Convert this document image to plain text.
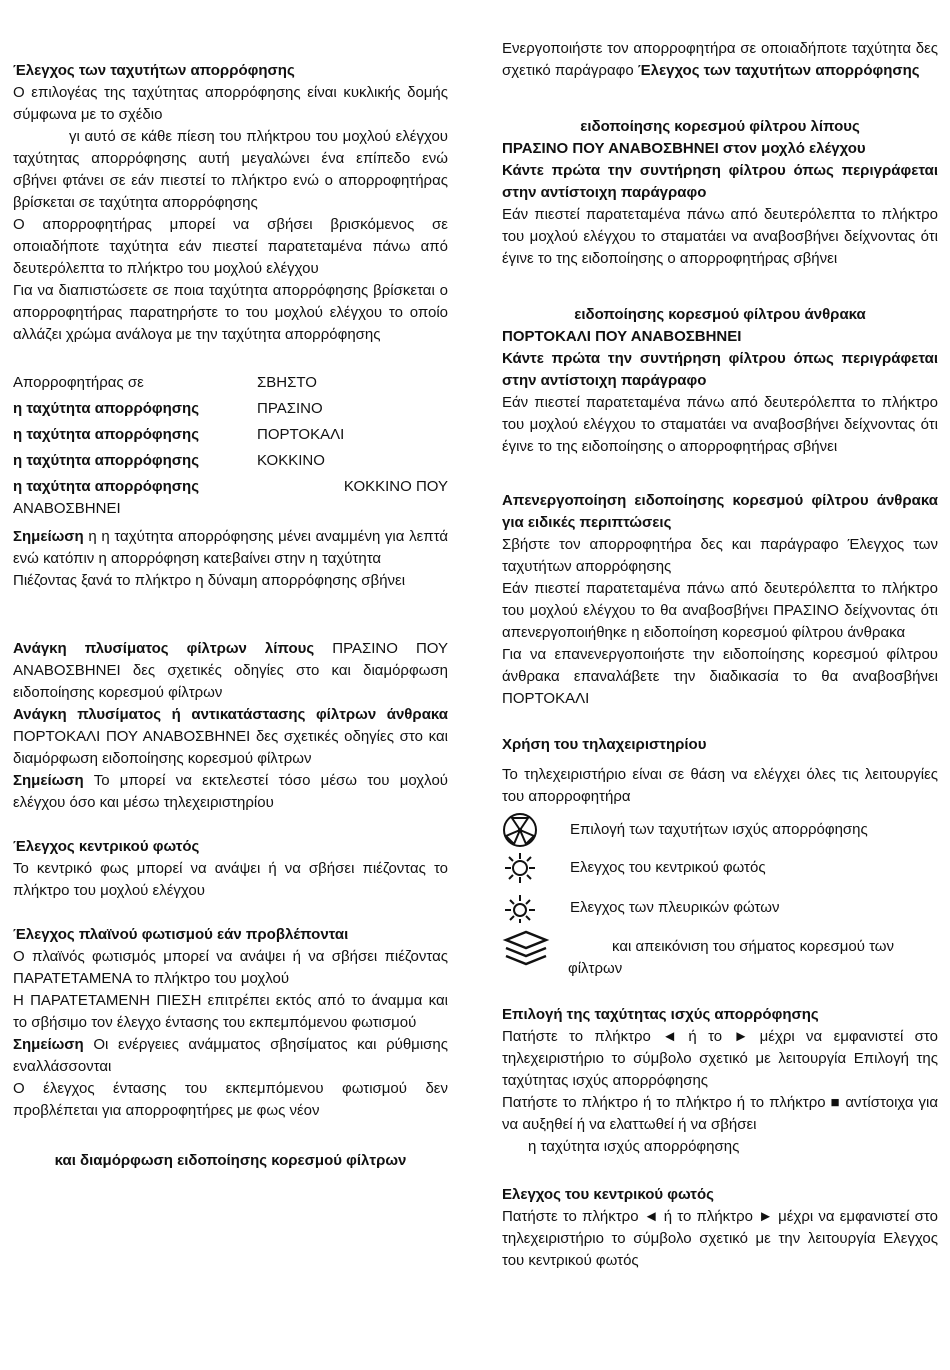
Έλεγχος των ταχυτήτων απορρόφησης

Ο επιλογέας της ταχύτητας απορρόφησης είναι κυκλικής δομής σύμφωνα με το σχέδιο

γι αυτό σε κάθε πίεση του πλήκτρου του μοχλού ελέγχου ταχύτητας απορρόφησης αυτή μεγαλώνει ένα επίπεδο ενώ σβήνει φτάνει σε εάν πιεστεί το πλήκτρο ενώ ο απορροφητήρας βρίσκεται σε ταχύτητα απορρόφησης

Ο απορροφητήρας μπορεί να σβήσει βρισκόμενος σε οποιαδήποτε ταχύτητα εάν πιεστεί παρατεταμένα πάνω από δευτερόλεπτα το πλήκτρο του μοχλού ελέγχου

Για να διαπιστώσετε σε ποια ταχύτητα απορρόφησης βρίσκεται ο απορροφητήρας παρατηρήστε το του μοχλού ελέγχου το οποίο αλλάζει χρώμα ανάλογα με την ταχύτητα απορρόφησης

Απορροφητήρας σε	ΣΒΗΣΤΟ
η ταχύτητα απορρόφησης	ΠΡΑΣΙΝΟ
η ταχύτητα απορρόφησης	ΠΟΡΤΟΚΑΛΙ
η ταχύτητα απορρόφησης	ΚΟΚΚΙΝΟ
η ταχύτητα απορρόφησης	ΚΟΚΚΙΝΟ ΠΟΥ

ΑΝΑΒΟΣΒΗΝΕΙ

Σημείωση η η ταχύτητα απορρόφησης μένει αναμμένη για λεπτά ενώ κατόπιν η απορρόφηση κατεβαίνει στην η ταχύτητα

Πιέζοντας ξανά το πλήκτρο η δύναμη απορρόφησης σβήνει

Ανάγκη πλυσίματος φίλτρων λίπους ΠΡΑΣΙΝΟ ΠΟΥ ΑΝΑΒΟΣΒΗΝΕΙ δες σχετικές οδηγίες στο και διαμόρφωση ειδοποίησης κορεσμού φίλτρων

Ανάγκη πλυσίματος ή αντικατάστασης φίλτρων άνθρακα ΠΟΡΤΟΚΑΛΙ ΠΟΥ ΑΝΑΒΟΣΒΗΝΕΙ δες σχετικές οδηγίες στο και διαμόρφωση ειδοποίησης κορεσμού φίλτρων

Σημείωση Το μπορεί να εκτελεστεί τόσο μέσω του μοχλού ελέγχου όσο και μέσω τηλεχειριστηρίου

Έλεγχος κεντρικού φωτός

Το κεντρικό φως μπορεί να ανάψει ή να σβήσει πιέζοντας το πλήκτρο του μοχλού ελέγχου

Έλεγχος πλαϊνού φωτισμού εάν προβλέπονται

Ο πλαϊνός φωτισμός μπορεί να ανάψει ή να σβήσει πιέζοντας ΠΑΡΑΤΕΤΑΜΕΝΑ το πλήκτρο του μοχλού

Η ΠΑΡΑΤΕΤΑΜΕΝΗ ΠΙΕΣΗ επιτρέπει εκτός από το άναμμα και το σβήσιμο τον έλεγχο έντασης του εκπεμπόμενου φωτισμού

Σημείωση Οι ενέργειες ανάμματος σβησίματος και ρύθμισης εναλλάσσονται

Ο έλεγχος έντασης του εκπεμπόμενου φωτισμού δεν προβλέπεται για απορροφητήρες με φως νέον

και διαμόρφωση ειδοποίησης κορεσμού φίλτρων

Ενεργοποιήστε τον απορροφητήρα σε οποιαδήποτε ταχύτητα δες σχετικό παράγραφο Έλεγχος των ταχυτήτων απορρόφησης

ειδοποίησης κορεσμού φίλτρου λίπους

ΠΡΑΣΙΝΟ ΠΟΥ ΑΝΑΒΟΣΒΗΝΕΙ στον μοχλό ελέγχου

Κάντε πρώτα την συντήρηση φίλτρου όπως περιγράφεται στην αντίστοιχη παράγραφο

Εάν πιεστεί παρατεταμένα πάνω από δευτερόλεπτα το πλήκτρο του μοχλού ελέγχου το σταματάει να αναβοσβήνει δείχνοντας ότι έγινε το της ειδοποίησης ο απορροφητήρας σβήνει

ειδοποίησης κορεσμού φίλτρου άνθρακα

ΠΟΡΤΟΚΑΛΙ ΠΟΥ ΑΝΑΒΟΣΒΗΝΕΙ

Κάντε πρώτα την συντήρηση φίλτρου όπως περιγράφεται στην αντίστοιχη παράγραφο

Εάν πιεστεί παρατεταμένα πάνω από δευτερόλεπτα το πλήκτρο του μοχλού ελέγχου το σταματάει να αναβοσβήνει δείχνοντας ότι έγινε το της ειδοποίησης ο απορροφητήρας σβήνει

Απενεργοποίηση ειδοποίησης κορεσμού φίλτρου άνθρακα για ειδικές περιπτώσεις

Σβήστε τον απορροφητήρα δες και παράγραφο Έλεγχος των ταχυτήτων απορρόφησης

Εάν πιεστεί παρατεταμένα πάνω από δευτερόλεπτα το πλήκτρο του μοχλού ελέγχου το θα αναβοσβήνει ΠΡΑΣΙΝΟ δείχνοντας ότι απενεργοποιήθηκε η ειδοποίηση κορεσμού φίλτρου άνθρακα

Για να επανενεργοποιήστε την ειδοποίησης κορεσμού φίλτρου άνθρακα επαναλάβετε την διαδικασία το θα αναβοσβήνει ΠΟΡΤΟΚΑΛΙ

Χρήση του τηλαχειριστηρίου

Το τηλεχειριστήριο είναι σε θάση να ελέγχει όλες τις λειτουργίες του απορροφητήρα

Επιλογή των ταχυτήτων ισχύς απορρόφησης
Ελεγχος του κεντρικού φωτός
Ελεγχος των πλευρικών φώτων
και απεικόνιση του σήματος κορεσμού των φίλτρων

Επιλογή της ταχύτητας ισχύς απορρόφησης

Πατήστε το πλήκτρο ◄ ή το ► μέχρι να εμφανιστεί στο τηλεχειριστήριο το σύμβολο σχετικό με λειτουργία Επιλογή της ταχύτητας ισχύς απορρόφησης

Πατήστε το πλήκτρο ή το πλήκτρο ή το πλήκτρο ■ αντίστοιχα για να αυξηθεί ή να ελαττωθεί ή να σβήσει

η ταχύτητα ισχύς απορρόφησης

Ελεγχος του κεντρικού φωτός

Πατήστε το πλήκτρο ◄ ή το πλήκτρο ► μέχρι να εμφανιστεί στο τηλεχειριστήριο το σύμβολο σχετικό με την λειτουργία Ελεγχος του κεντρικού φωτός
